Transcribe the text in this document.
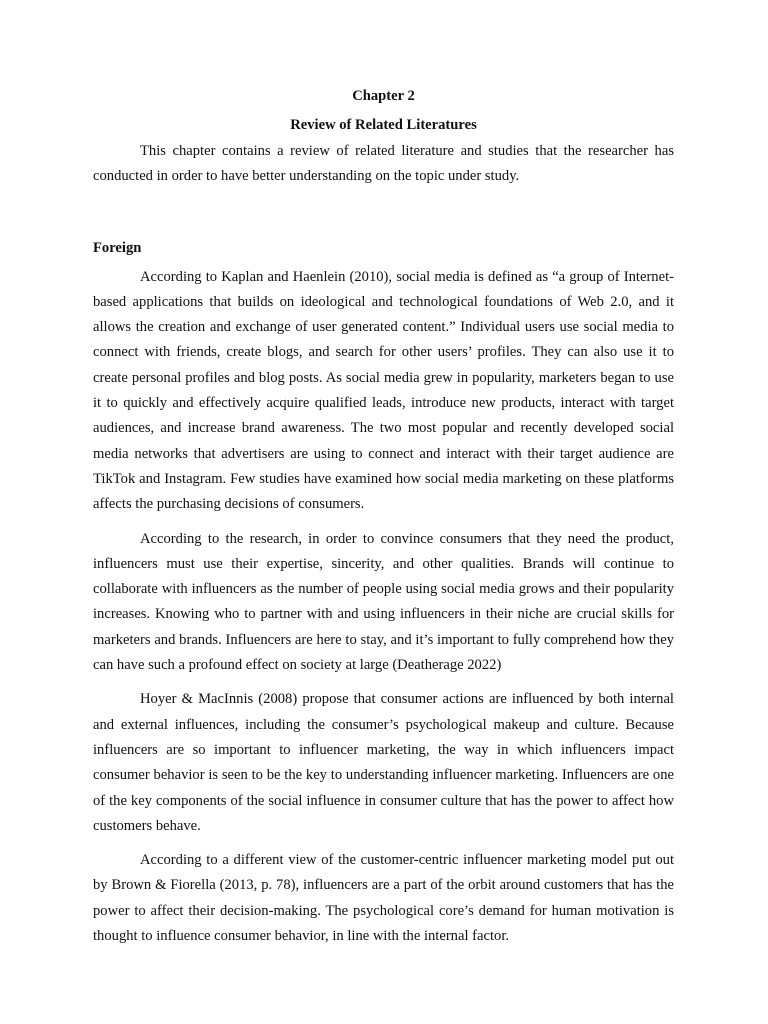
Chapter 2
Review of Related Literatures

This chapter contains a review of related literature and studies that the researcher has conducted in order to have better understanding on the topic under study.

Foreign

According to Kaplan and Haenlein (2010), social media is defined as “a group of Internet-based applications that builds on ideological and technological foundations of Web 2.0, and it allows the creation and exchange of user generated content.” Individual users use social media to connect with friends, create blogs, and search for other users’ profiles. They can also use it to create personal profiles and blog posts. As social media grew in popularity, marketers began to use it to quickly and effectively acquire qualified leads, introduce new products, interact with target audiences, and increase brand awareness. The two most popular and recently developed social media networks that advertisers are using to connect and interact with their target audience are TikTok and Instagram. Few studies have examined how social media marketing on these platforms affects the purchasing decisions of consumers.

According to the research, in order to convince consumers that they need the product, influencers must use their expertise, sincerity, and other qualities. Brands will continue to collaborate with influencers as the number of people using social media grows and their popularity increases. Knowing who to partner with and using influencers in their niche are crucial skills for marketers and brands. Influencers are here to stay, and it’s important to fully comprehend how they can have such a profound effect on society at large (Deatherage 2022)

Hoyer & MacInnis (2008) propose that consumer actions are influenced by both internal and external influences, including the consumer’s psychological makeup and culture. Because influencers are so important to influencer marketing, the way in which influencers impact consumer behavior is seen to be the key to understanding influencer marketing. Influencers are one of the key components of the social influence in consumer culture that has the power to affect how customers behave.

According to a different view of the customer-centric influencer marketing model put out by Brown & Fiorella (2013, p. 78), influencers are a part of the orbit around customers that has the power to affect their decision-making. The psychological core’s demand for human motivation is thought to influence consumer behavior, in line with the internal factor.
